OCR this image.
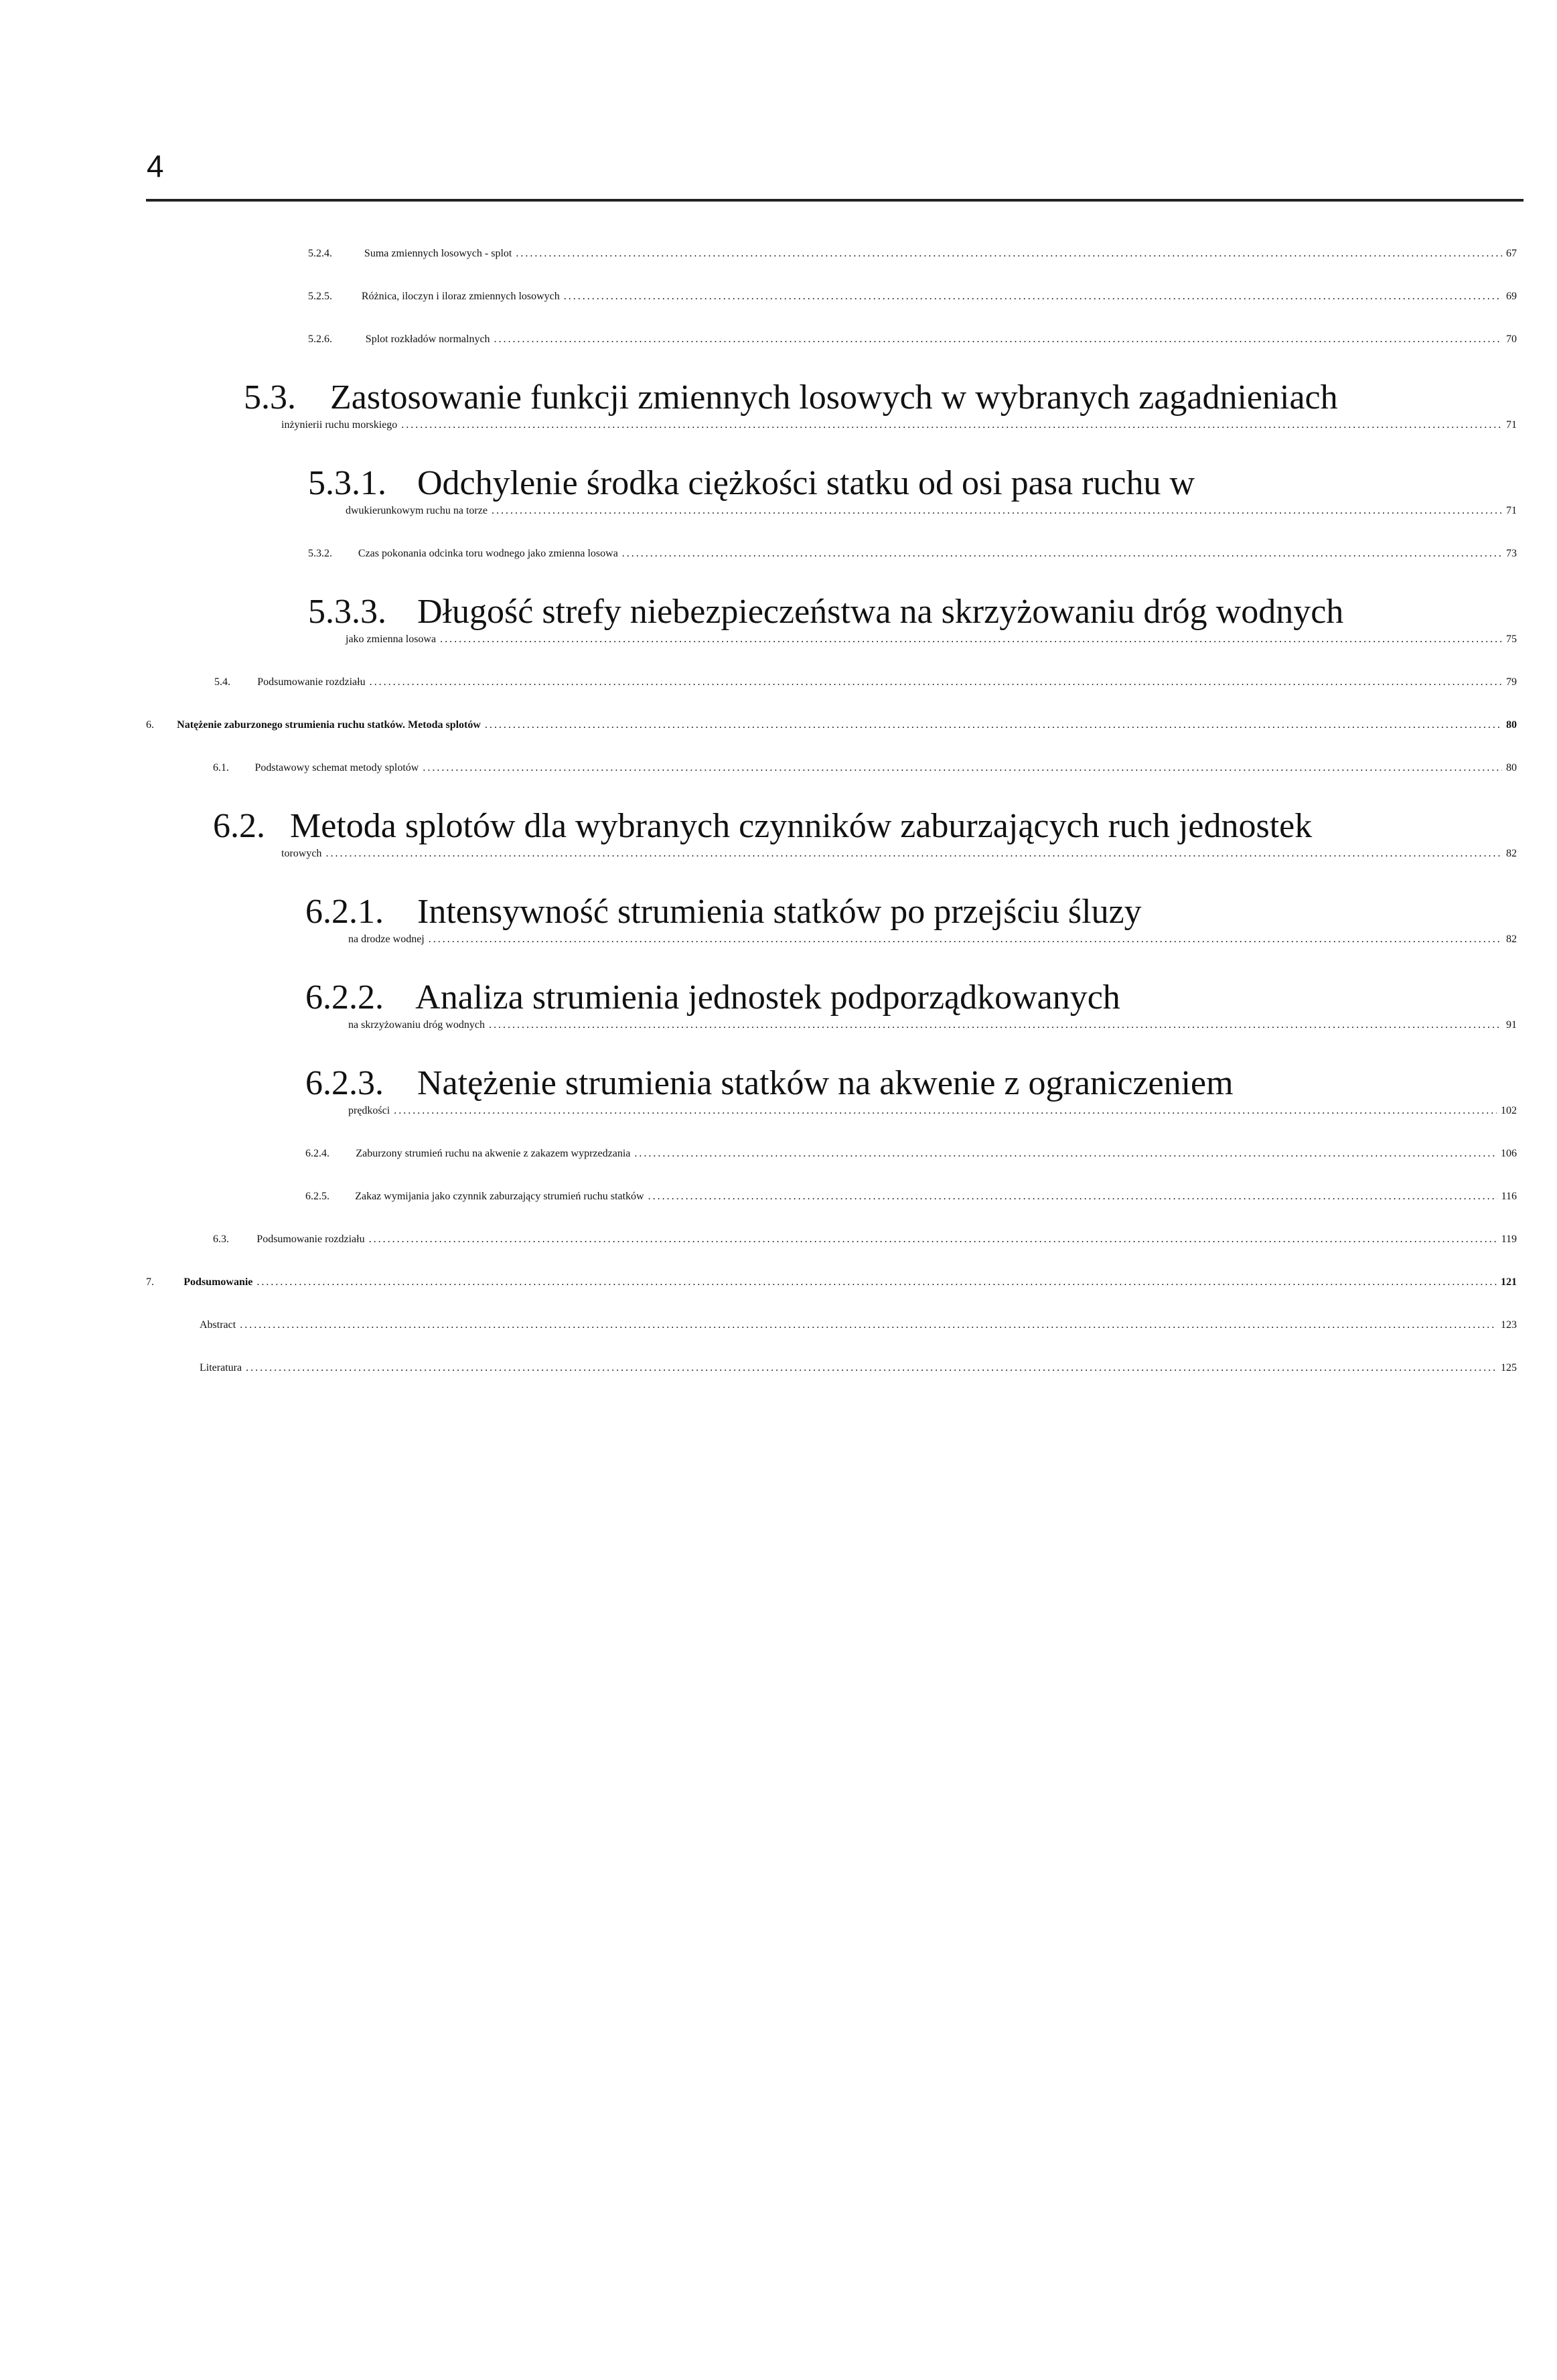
4
5.2.4.	Suma zmiennych losowych - splot .....	67
5.2.5.	Różnica, iloczyn i iloraz zmiennych losowych .....	69
5.2.6.	Splot rozkładów normalnych .....	70
5.3. Zastosowanie funkcji zmiennych losowych w wybranych zagadnieniach
inżynierii ruchu morskiego .....	71
5.3.1. Odchylenie środka ciężkości statku od osi pasa ruchu w
dwukierunkowym ruchu na torze .....	71
5.3.2.	Czas pokonania odcinka toru wodnego jako zmienna losowa .....	73
5.3.3. Długość strefy niebezpieczeństwa na skrzyżowaniu dróg wodnych
jako zmienna losowa .....	75
5.4.	Podsumowanie rozdziału .....	79
6.	Natężenie zaburzonego strumienia ruchu statków. Metoda splotów .....	80
6.1.	Podstawowy schemat metody splotów .....	80
6.2. Metoda splotów dla wybranych czynników zaburzających ruch jednostek
torowych .....	82
6.2.1. Intensywność strumienia statków po przejściu śluzy
na drodze wodnej .....	82
6.2.2. Analiza strumienia jednostek podporządkowanych
na skrzyżowaniu dróg wodnych .....	91
6.2.3. Natężenie strumienia statków na akwenie z ograniczeniem
prędkości .....	102
6.2.4.	Zaburzony strumień ruchu na akwenie z zakazem wyprzedzania .....	106
6.2.5.	Zakaz wymijania jako czynnik zaburzający strumień ruchu statków .....	116
6.3.	Podsumowanie rozdziału .....	119
7.	Podsumowanie .....	121
Abstract .....	123
Literatura .....	125
